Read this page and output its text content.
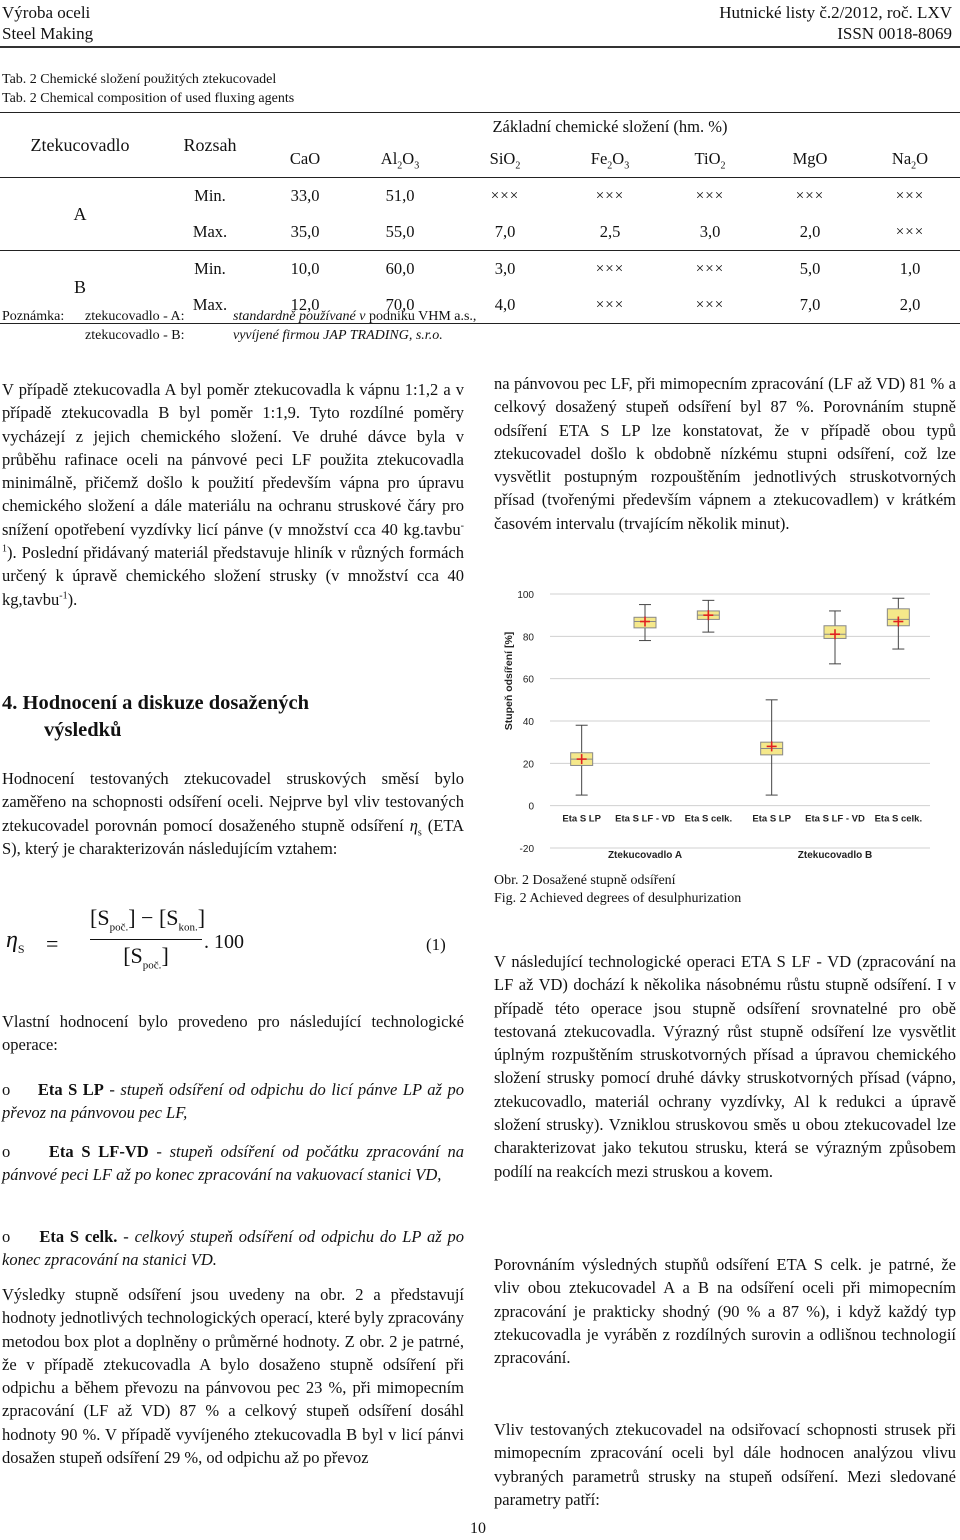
Výroba oceli
Steel Making
Hutnické listy č.2/2012, roč. LXV
ISSN 0018-8069
Tab. 2 Chemické složení použitých ztekucovadel
Tab. 2 Chemical composition of used fluxing agents
Ztekucovadlo	Rozsah	Základní chemické složení (hm. %)						
		CaO	$Al_2O_3$	SiO$_2$	$Fe_2O_3$	TiO$_2$	MgO	$Na_2O$
A	Min.	33,0	51,0	×××	×××	×××	×××	×××
	Max.	35,0	55,0	7,0	2,5	3,0	2,0	×××
B	Min.	10,0	60,0	3,0	×××	×××	5,0	1,0
	Max.	12,0	70,0	4,0	×××	×××	7,0	2,0
Poznámka: ztekucovadlo - A:	standardně používané v podniku VHM a.s.,
ztekucovadlo - B:	vyvíjené firmou JAP TRADING, s.r.o.

V případě ztekucovadla A byl poměr ztekucovadla k vápnu 1:1,2 a v případě ztekucovadla B byl poměr 1:1,9. Tyto rozdílné poměry vycházejí z jejich chemického složení. Ve druhé dávce byla v průběhu rafinace oceli na pánvové peci LF použita ztekucovadla minimálně, přičemž došlo k použití především vápna pro úpravu chemického složení a dále materiálu na ochranu struskové čáry pro snížení opotřebení vyzdívky licí pánve (v množství cca 40 kg.tavbu$^{-1}$). Poslední přidávaný materiál představuje hliník v různých formách určený k úpravě chemického složení strusky (v množství cca 40 kg,tavbu$^{-1}$).

4. Hodnocení a diskuze dosažených
výsledků

Hodnocení testovaných ztekucovadel struskových směsí bylo zaměřeno na schopnosti odsíření oceli. Nejprve byl vliv testovaných ztekucovadel porovnán pomocí dosaženého stupně odsíření $\eta_s$ (ETA S), který je charakterizován následujícím vztahem:

$\eta_S$ =
$[S_{poč.}] - [S_{kon.}]$
$[S_{poč.}]$
. 100	(1)
Vlastní hodnocení bylo provedeno pro následující technologické operace:
o Eta S LP - stupeň odsíření od odpichu do licí pánve LP až po převoz na pánvovou pec LF,
o Eta S LF-VD - stupeň odsíření od počátku zpracování na pánvové peci LF až po konec zpracování na vakuovací stanici VD,
o Eta S celk. - celkový stupeň odsíření od odpichu do LP až po konec zpracování na stanici VD.
Výsledky stupně odsíření jsou uvedeny na obr. 2 a představují hodnoty jednotlivých technologických operací, které byly zpracovány metodou box plot a doplněny o průměrné hodnoty. Z obr. 2 je patrné, že v případě ztekucovadla A bylo dosaženo stupně odsíření při odpichu a během převozu na pánvovou pec 23 %, při mimopecním zpracování (LF až VD) 87 % a celkový stupeň odsíření dosáhl hodnoty 90 %. V případě vyvíjeného ztekucovadla B byl v licí pánvi dosažen stupeň odsíření 29 %, od odpichu až po převoz
na pánvovou pec LF, při mimopecním zpracování (LF až VD) 81 % a celkový dosažený stupeň odsíření byl 87 %. Porovnáním stupně odsíření ETA S LP lze konstatovat, že v případě obou typů ztekucovadel došlo k obdobně nízkému stupni odsíření, což lze vysvětlit postupným rozpouštěním jednotlivých struskotvorných přísad (tvořenými především vápnem a ztekucovadlem) v krátkém časovém intervalu (trvajícím několik minut).
-20
0
20
40
60
80
100
Stupeň odsíření [%]
Eta S LP Eta S LF - VD Eta S celk. Eta S LP Eta S LF - VD Eta S celk.
Ztekucovadlo A	Ztekucovadlo B
Obr. 2 Dosažené stupně odsíření
Fig. 2 Achieved degrees of desulphurization
V následující technologické operaci ETA S LF - VD (zpracování na LF až VD) dochází k několika násobnému růstu stupně odsíření. I v případě této operace jsou stupně odsíření srovnatelné pro obě testovaná ztekucovadla. Výrazný růst stupně odsíření lze vysvětlit úplným rozpuštěním struskotvorných přísad a úpravou chemického složení strusky pomocí druhé dávky struskotvorných přísad (vápno, ztekucovadlo, materiál ochrany vyzdívky, Al k redukci a úpravě složení strusky). Vzniklou struskovou směs u obou ztekucovadel lze charakterizovat jako tekutou strusku, která se výrazným způsobem podílí na reakcích mezi struskou a kovem.
Porovnáním výsledných stupňů odsíření ETA S celk. je patrné, že vliv obou ztekucovadel A a B na odsíření oceli při mimopecním zpracování je prakticky shodný (90 % a 87 %), i když každý typ ztekucovadla je vyráběn z rozdílných surovin a odlišnou technologií zpracování.
Vliv testovaných ztekucovadel na odsiřovací schopnosti strusek při mimopecním zpracování oceli byl dále hodnocen analýzou vlivu vybraných parametrů strusky na stupeň odsíření. Mezi sledované parametry patří:
10
